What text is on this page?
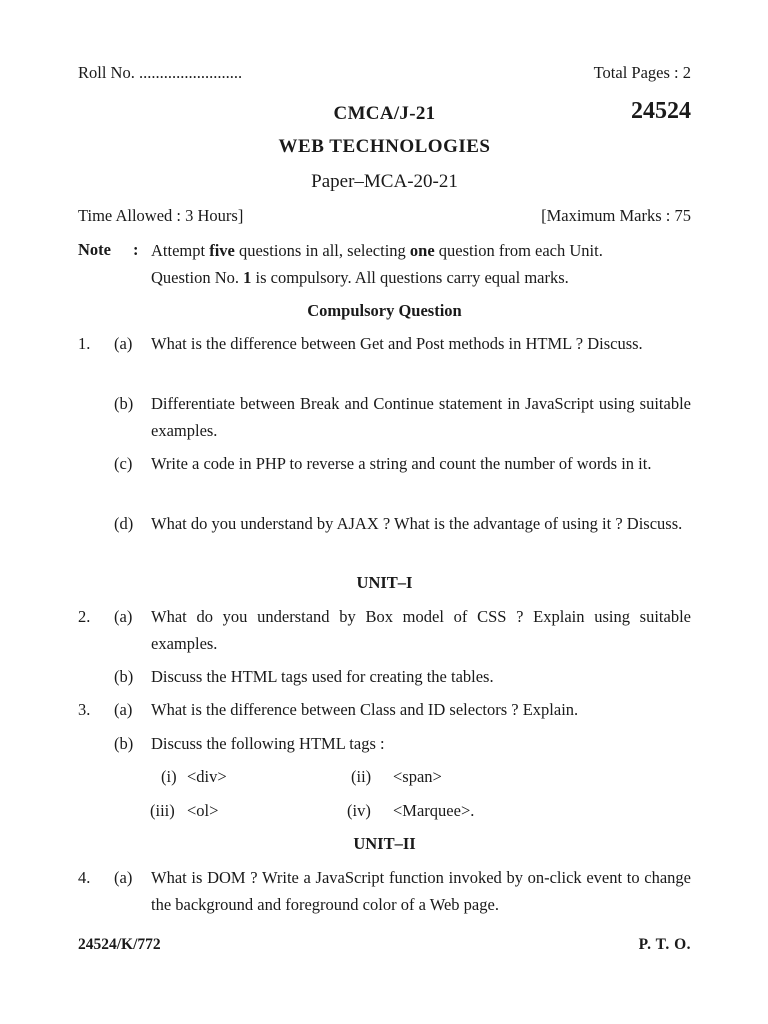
Roll No. .........................	Total Pages : 2
CMCA/J-21	24524
WEB TECHNOLOGIES
Paper–MCA-20-21
Time Allowed : 3 Hours]	[Maximum Marks : 75
Note : Attempt five questions in all, selecting one question from each Unit.
Question No. 1 is compulsory. All questions carry equal marks.
Compulsory Question
1. (a) What is the difference between Get and Post methods in HTML ? Discuss.
(b) Differentiate between Break and Continue statement in JavaScript using suitable examples.
(c) Write a code in PHP to reverse a string and count the number of words in it.
(d) What do you understand by AJAX ? What is the advantage of using it ? Discuss.
UNIT–I
2. (a) What do you understand by Box model of CSS ? Explain using suitable examples.
(b) Discuss the HTML tags used for creating the tables.
3. (a) What is the difference between Class and ID selectors ? Explain.
(b) Discuss the following HTML tags :
(i) <div>	(ii) <span>
(iii) <ol>	(iv) <Marquee>.
UNIT–II
4. (a) What is DOM ? Write a JavaScript function invoked by on-click event to change the background and foreground color of a Web page.
24524/K/772	P. T. O.
